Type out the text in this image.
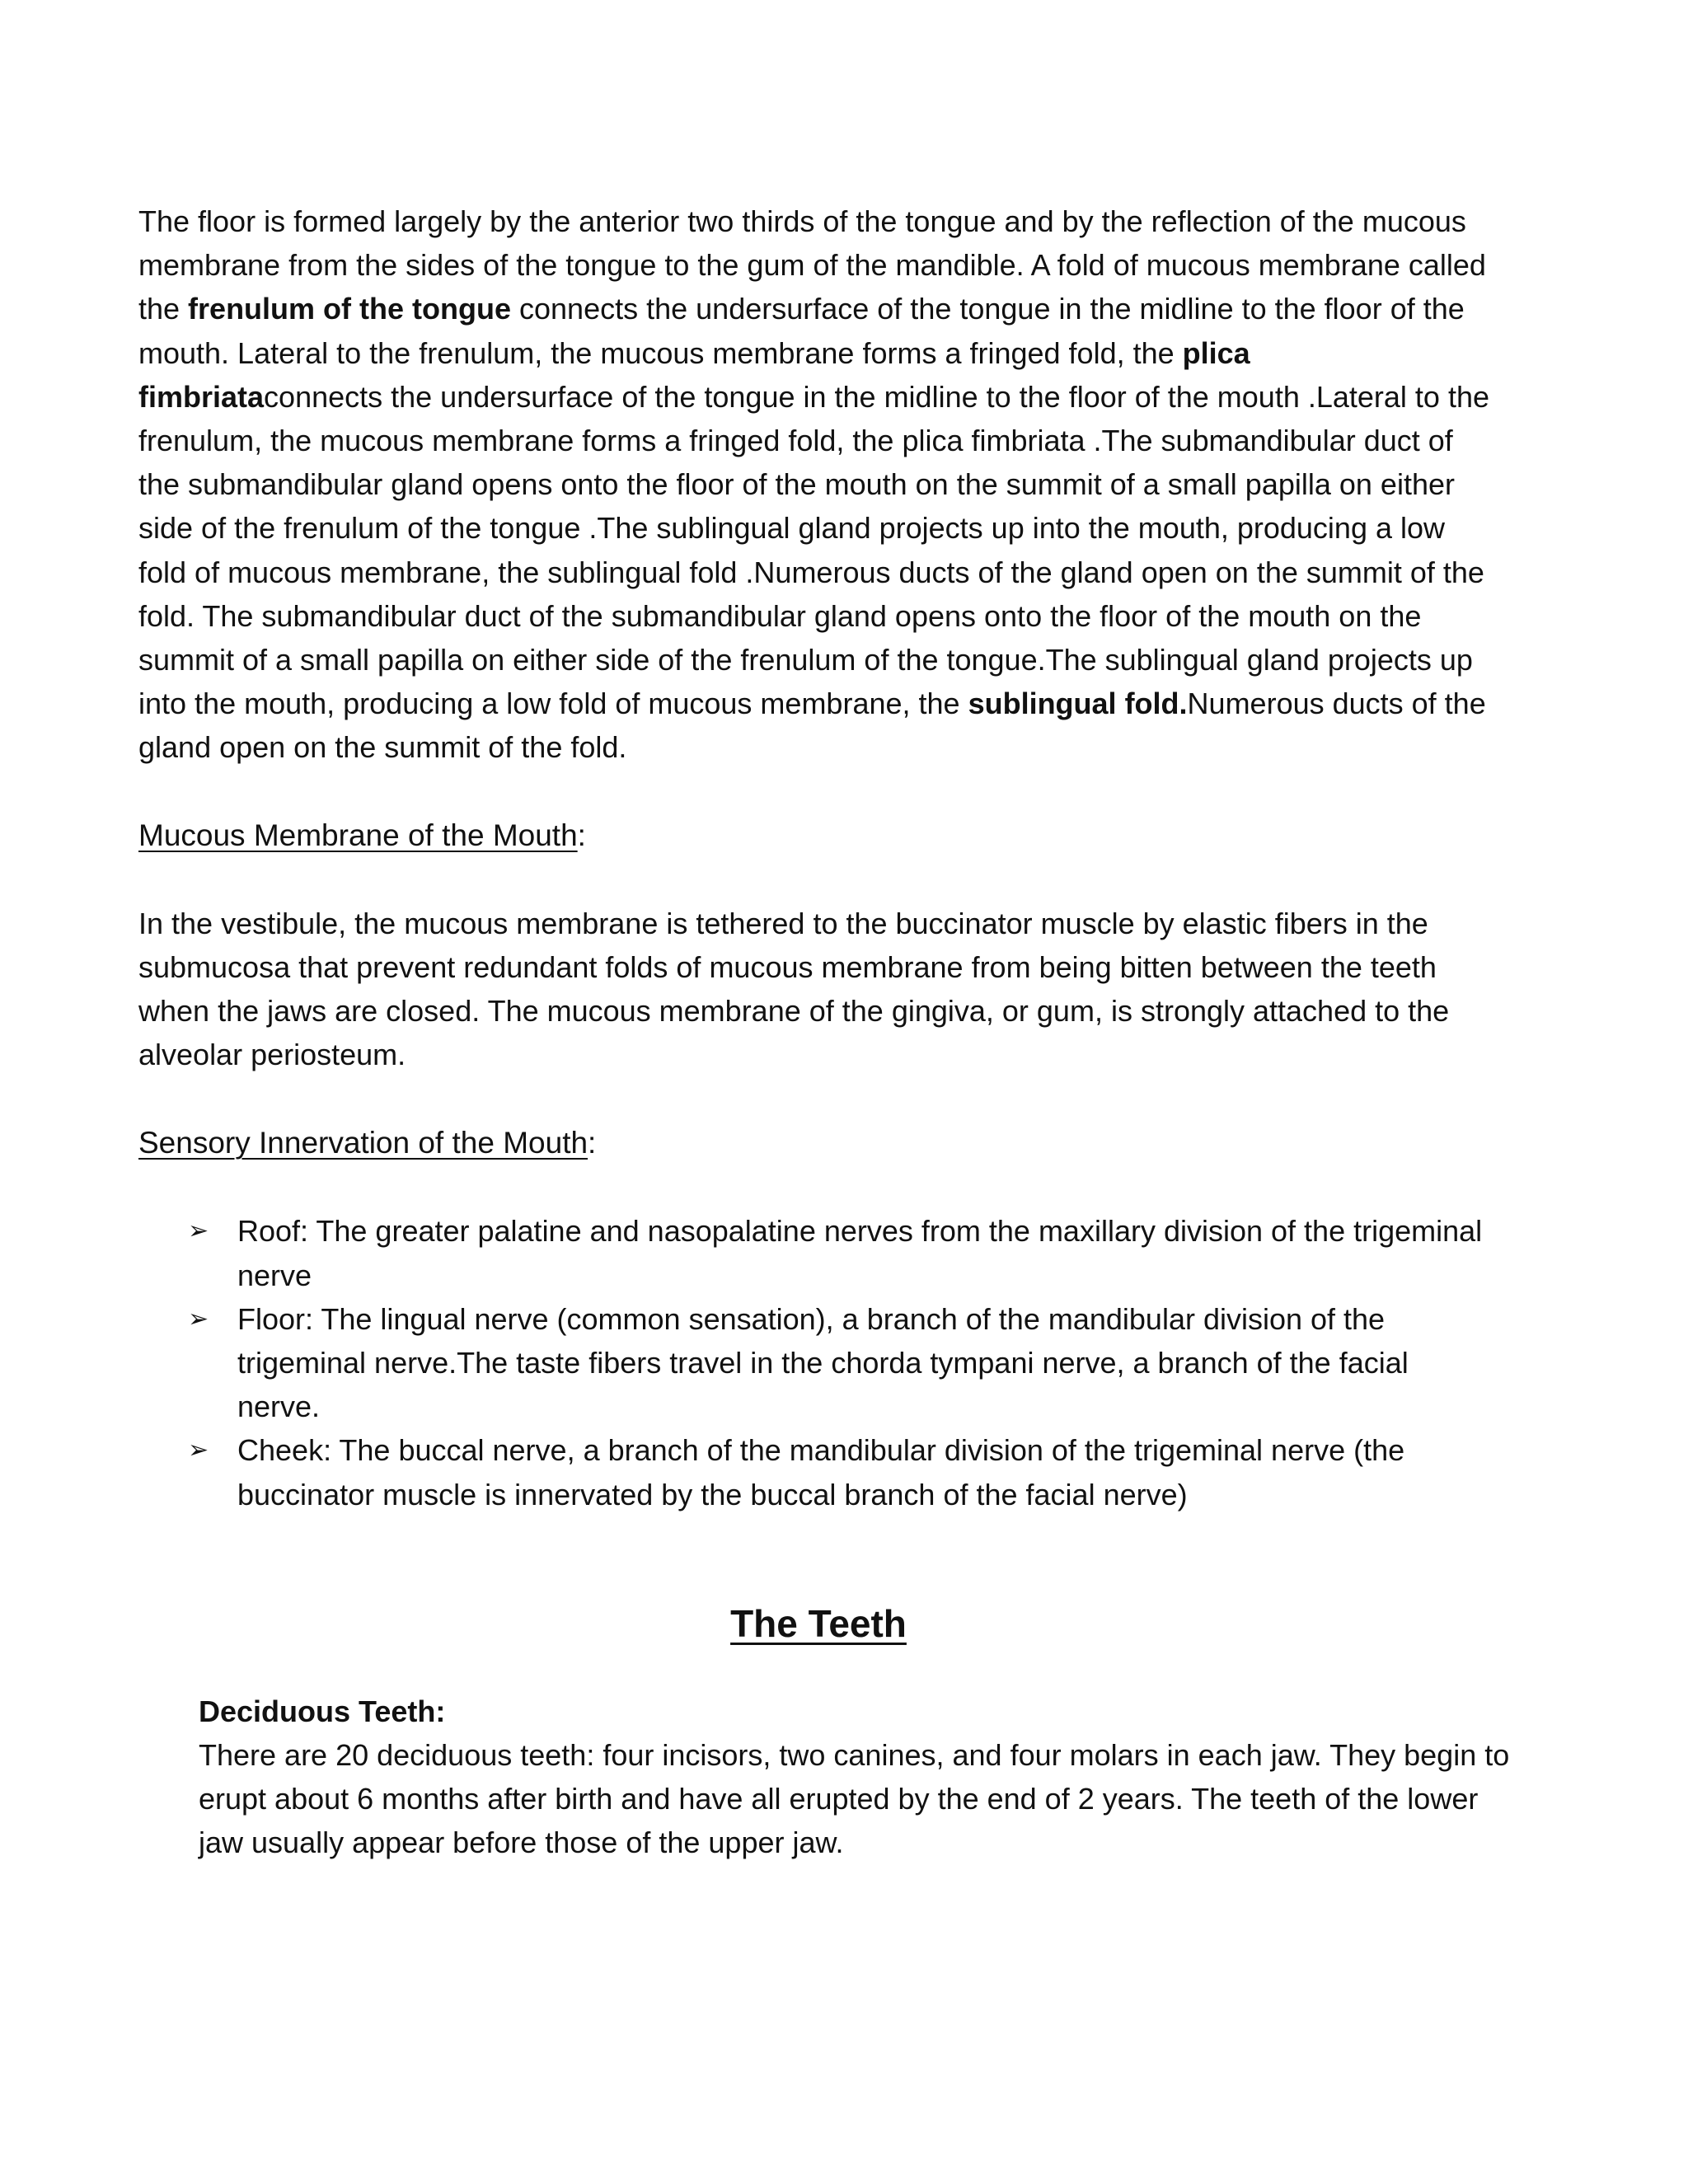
The floor is formed largely by the anterior two thirds of the tongue and by the reflection of the mucous membrane from the sides of the tongue to the gum of the mandible. A fold of mucous membrane called the frenulum of the tongue connects the undersurface of the tongue in the midline to the floor of the mouth. Lateral to the frenulum, the mucous membrane forms a fringed fold, the plica fimbriataconnects the undersurface of the tongue in the midline to the floor of the mouth .Lateral to the frenulum, the mucous membrane forms a fringed fold, the plica fimbriata .The submandibular duct of the submandibular gland opens onto the floor of the mouth on the summit of a small papilla on either side of the frenulum of the tongue .The sublingual gland projects up into the mouth, producing a low fold of mucous membrane, the sublingual fold .Numerous ducts of the gland open on the summit of the fold. The submandibular duct of the submandibular gland opens onto the floor of the mouth on the summit of a small papilla on either side of the frenulum of the tongue.The sublingual gland projects up into the mouth, producing a low fold of mucous membrane, the sublingual fold.Numerous ducts of the gland open on the summit of the fold.

Mucous Membrane of the Mouth:

In the vestibule, the mucous membrane is tethered to the buccinator muscle by elastic fibers in the submucosa that prevent redundant folds of mucous membrane from being bitten between the teeth when the jaws are closed. The mucous membrane of the gingiva, or gum, is strongly attached to the alveolar periosteum.

Sensory Innervation of the Mouth:

➢ Roof: The greater palatine and nasopalatine nerves from the maxillary division of the trigeminal nerve
➢ Floor: The lingual nerve (common sensation), a branch of the mandibular division of the trigeminal nerve.The taste fibers travel in the chorda tympani nerve, a branch of the facial nerve.
➢ Cheek: The buccal nerve, a branch of the mandibular division of the trigeminal nerve (the buccinator muscle is innervated by the buccal branch of the facial nerve)

The Teeth

Deciduous Teeth:

There are 20 deciduous teeth: four incisors, two canines, and four molars in each jaw. They begin to erupt about 6 months after birth and have all erupted by the end of 2 years. The teeth of the lower jaw usually appear before those of the upper jaw.
